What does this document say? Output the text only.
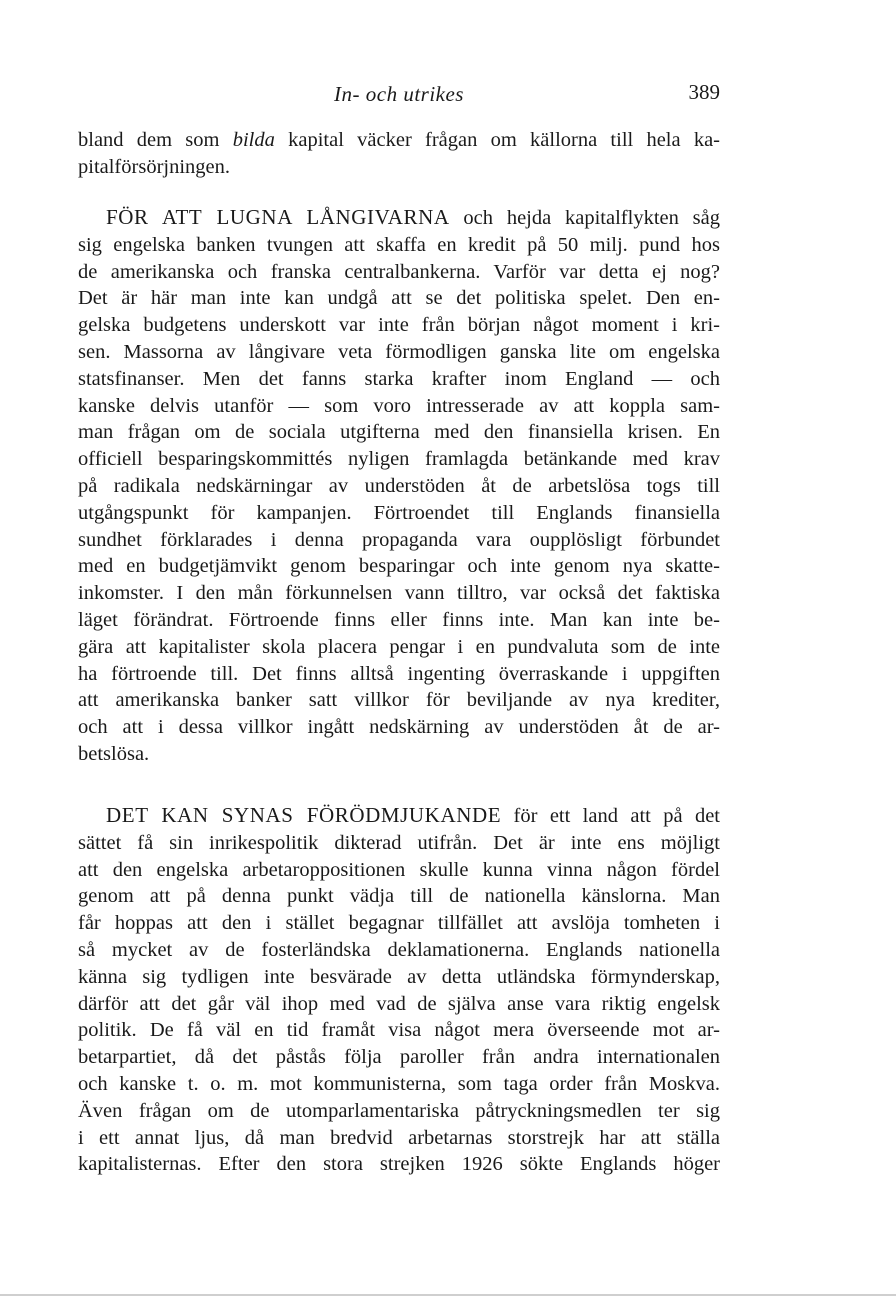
In- och utrikes	389
bland dem som bilda kapital väcker frågan om källorna till hela ka-
pitalförsörjningen.
FÖR ATT LUGNA LÅNGIVARNA och hejda kapitalflykten såg
sig engelska banken tvungen att skaffa en kredit på 50 milj. pund hos
de amerikanska och franska centralbankerna. Varför var detta ej nog?
Det är här man inte kan undgå att se det politiska spelet. Den en-
gelska budgetens underskott var inte från början något moment i kri-
sen. Massorna av långivare veta förmodligen ganska lite om engelska
statsfinanser. Men det fanns starka krafter inom England — och
kanske delvis utanför — som voro intresserade av att koppla sam-
man frågan om de sociala utgifterna med den finansiella krisen. En
officiell besparingskommittés nyligen framlagda betänkande med krav
på radikala nedskärningar av understöden åt de arbetslösa togs till
utgångspunkt för kampanjen. Förtroendet till Englands finansiella
sundhet förklarades i denna propaganda vara oupplösligt förbundet
med en budgetjämvikt genom besparingar och inte genom nya skatte-
inkomster. I den mån förkunnelsen vann tilltro, var också det faktiska
läget förändrat. Förtroende finns eller finns inte. Man kan inte be-
gära att kapitalister skola placera pengar i en pundvaluta som de inte
ha förtroende till. Det finns alltså ingenting överraskande i uppgiften
att amerikanska banker satt villkor för beviljande av nya krediter,
och att i dessa villkor ingått nedskärning av understöden åt de ar-
betslösa.
DET KAN SYNAS FÖRÖDMJUKANDE för ett land att på det
sättet få sin inrikespolitik dikterad utifrån. Det är inte ens möjligt
att den engelska arbetaroppositionen skulle kunna vinna någon fördel
genom att på denna punkt vädja till de nationella känslorna. Man
får hoppas att den i stället begagnar tillfället att avslöja tomheten i
så mycket av de fosterländska deklamationerna. Englands nationella
känna sig tydligen inte besvärade av detta utländska förmynderskap,
därför att det går väl ihop med vad de själva anse vara riktig engelsk
politik. De få väl en tid framåt visa något mera överseende mot ar-
betarpartiet, då det påstås följa paroller från andra internationalen
och kanske t. o. m. mot kommunisterna, som taga order från Moskva.
Även frågan om de utomparlamentariska påtryckningsmedlen ter sig
i ett annat ljus, då man bredvid arbetarnas storstrejk har att ställa
kapitalisternas. Efter den stora strejken 1926 sökte Englands höger
